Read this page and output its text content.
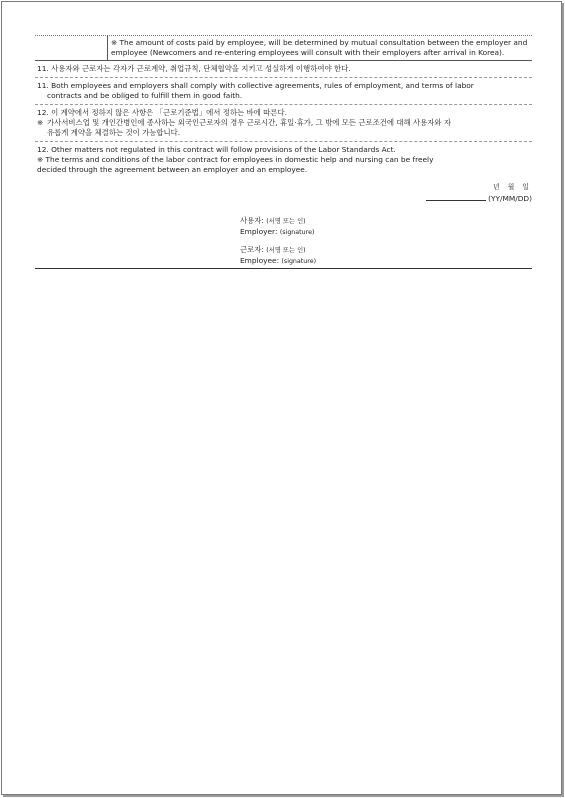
※ The amount of costs paid by employee, will be determined by mutual consultation between the employer and employee (Newcomers and re-entering employees will consult with their employers after arrival in Korea).
11. 사용자와 근로자는 각자가 근로계약, 취업규칙, 단체협약을 지키고 성실하게 이행하여야 한다.
11. Both employees and employers shall comply with collective agreements, rules of employment, and terms of labor
contracts and be obliged to fulfill them in good faith.
12. 이 계약에서 정하지 않은 사항은 「근로기준법」에서 정하는 바에 따른다.
※ 가사서비스업 및 개인간병인에 종사하는 외국인근로자의 경우 근로시간, 휴일·휴가, 그 밖에 모든 근로조건에 대해 사용자와 자
유롭게 계약을 체결하는 것이 가능합니다.
12. Other matters not regulated in this contract will follow provisions of the Labor Standards Act.
※ The terms and conditions of the labor contract for employees in domestic help and nursing can be freely
decided through the agreement between an employer and an employee.
년 월 일
(YY/MM/DD)
사용자: (서명 또는 인)
Employer: (signature)
근로자: (서명 또는 인)
Employee: (signature)
